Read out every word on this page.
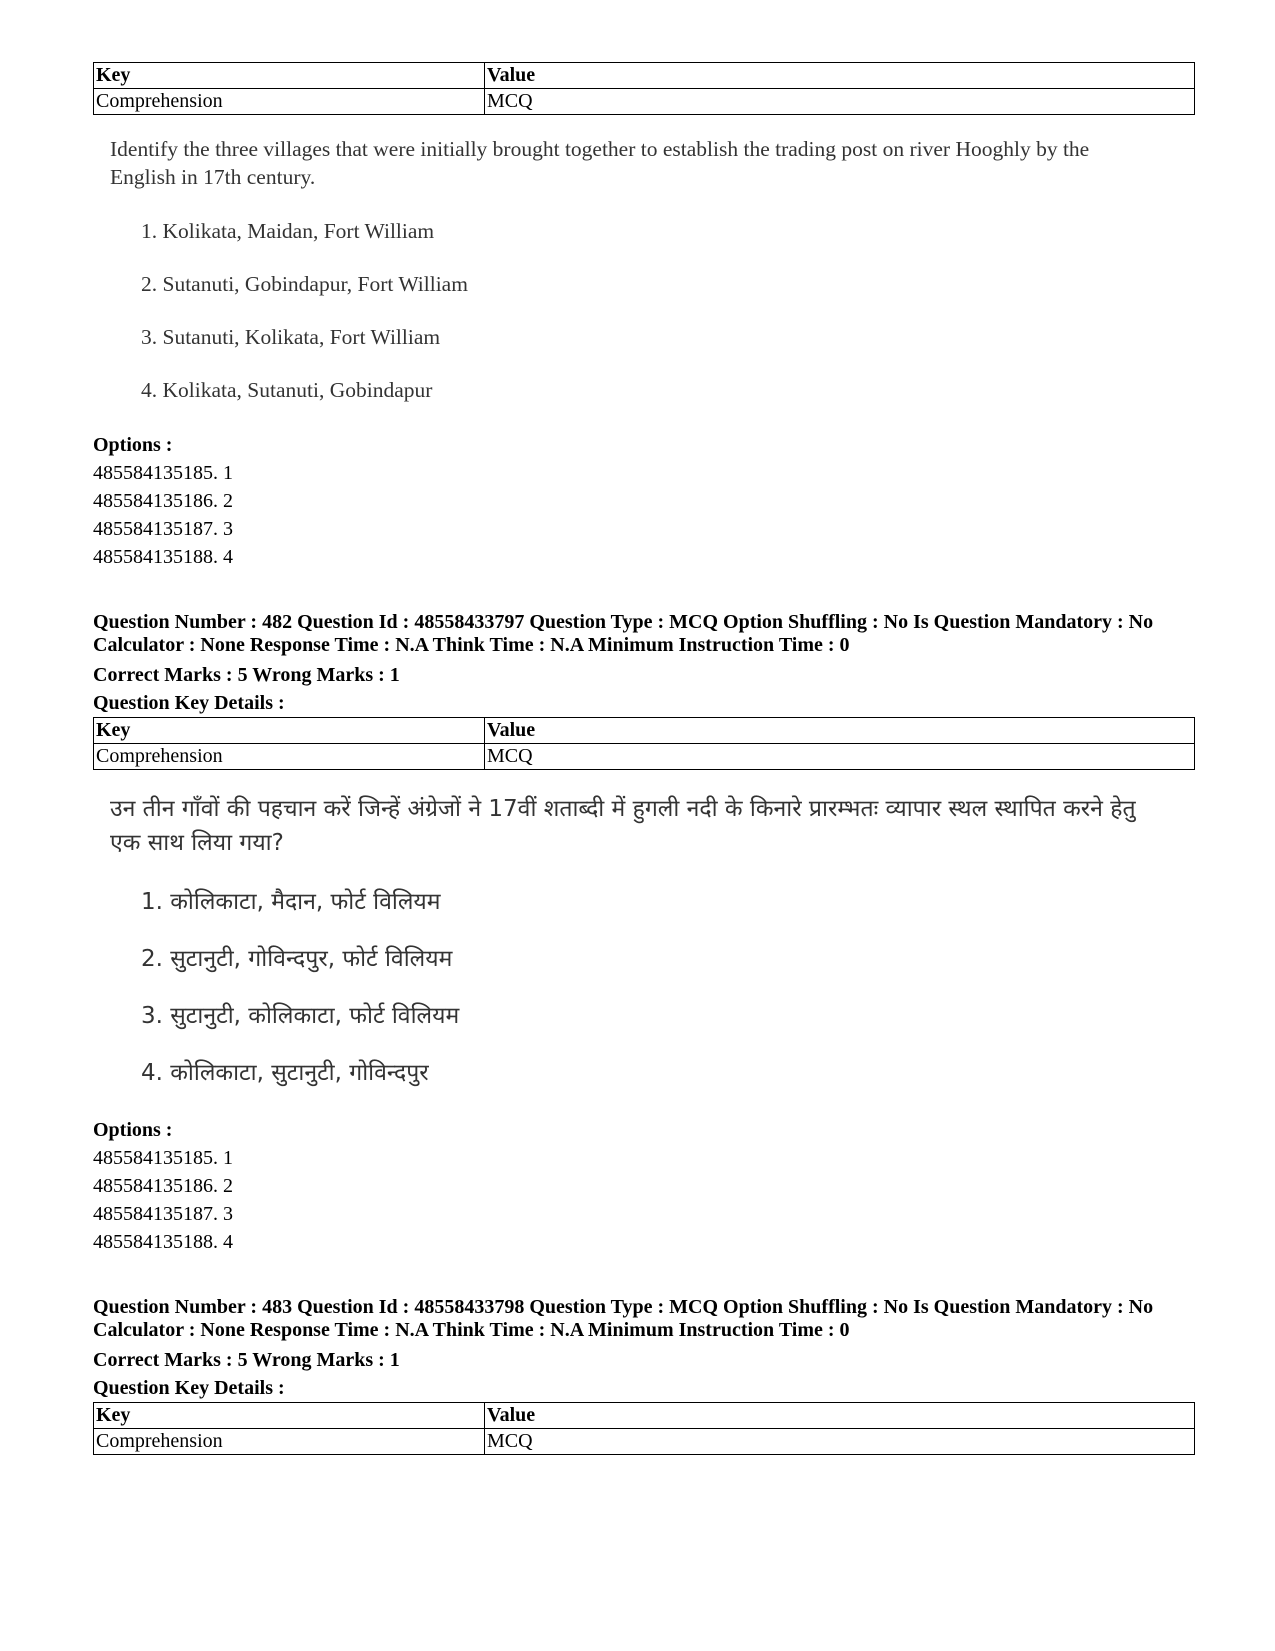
Key	Value
Comprehension	MCQ
Identify the three villages that were initially brought together to establish the trading post on river Hooghly by the English in 17th century.
1. Kolikata, Maidan, Fort William
2. Sutanuti, Gobindapur, Fort William
3. Sutanuti, Kolikata, Fort William
4. Kolikata, Sutanuti, Gobindapur
Options :
485584135185. 1
485584135186. 2
485584135187. 3
485584135188. 4
Question Number : 482 Question Id : 48558433797 Question Type : MCQ Option Shuffling : No Is Question Mandatory : No Calculator : None Response Time : N.A Think Time : N.A Minimum Instruction Time : 0
Correct Marks : 5 Wrong Marks : 1
Question Key Details :
Key	Value
Comprehension	MCQ
उन तीन गाँवों की पहचान करें जिन्हें अंग्रेजों ने 17वीं शताब्दी में हुगली नदी के किनारे प्रारम्भतः व्यापार स्थल स्थापित करने हेतु एक साथ लिया गया?
1. कोलिकाटा, मैदान, फोर्ट विलियम
2. सुटानुटी, गोविन्दपुर, फोर्ट विलियम
3. सुटानुटी, कोलिकाटा, फोर्ट विलियम
4. कोलिकाटा, सुटानुटी, गोविन्दपुर
Options :
485584135185. 1
485584135186. 2
485584135187. 3
485584135188. 4
Question Number : 483 Question Id : 48558433798 Question Type : MCQ Option Shuffling : No Is Question Mandatory : No Calculator : None Response Time : N.A Think Time : N.A Minimum Instruction Time : 0
Correct Marks : 5 Wrong Marks : 1
Question Key Details :
Key	Value
Comprehension	MCQ
